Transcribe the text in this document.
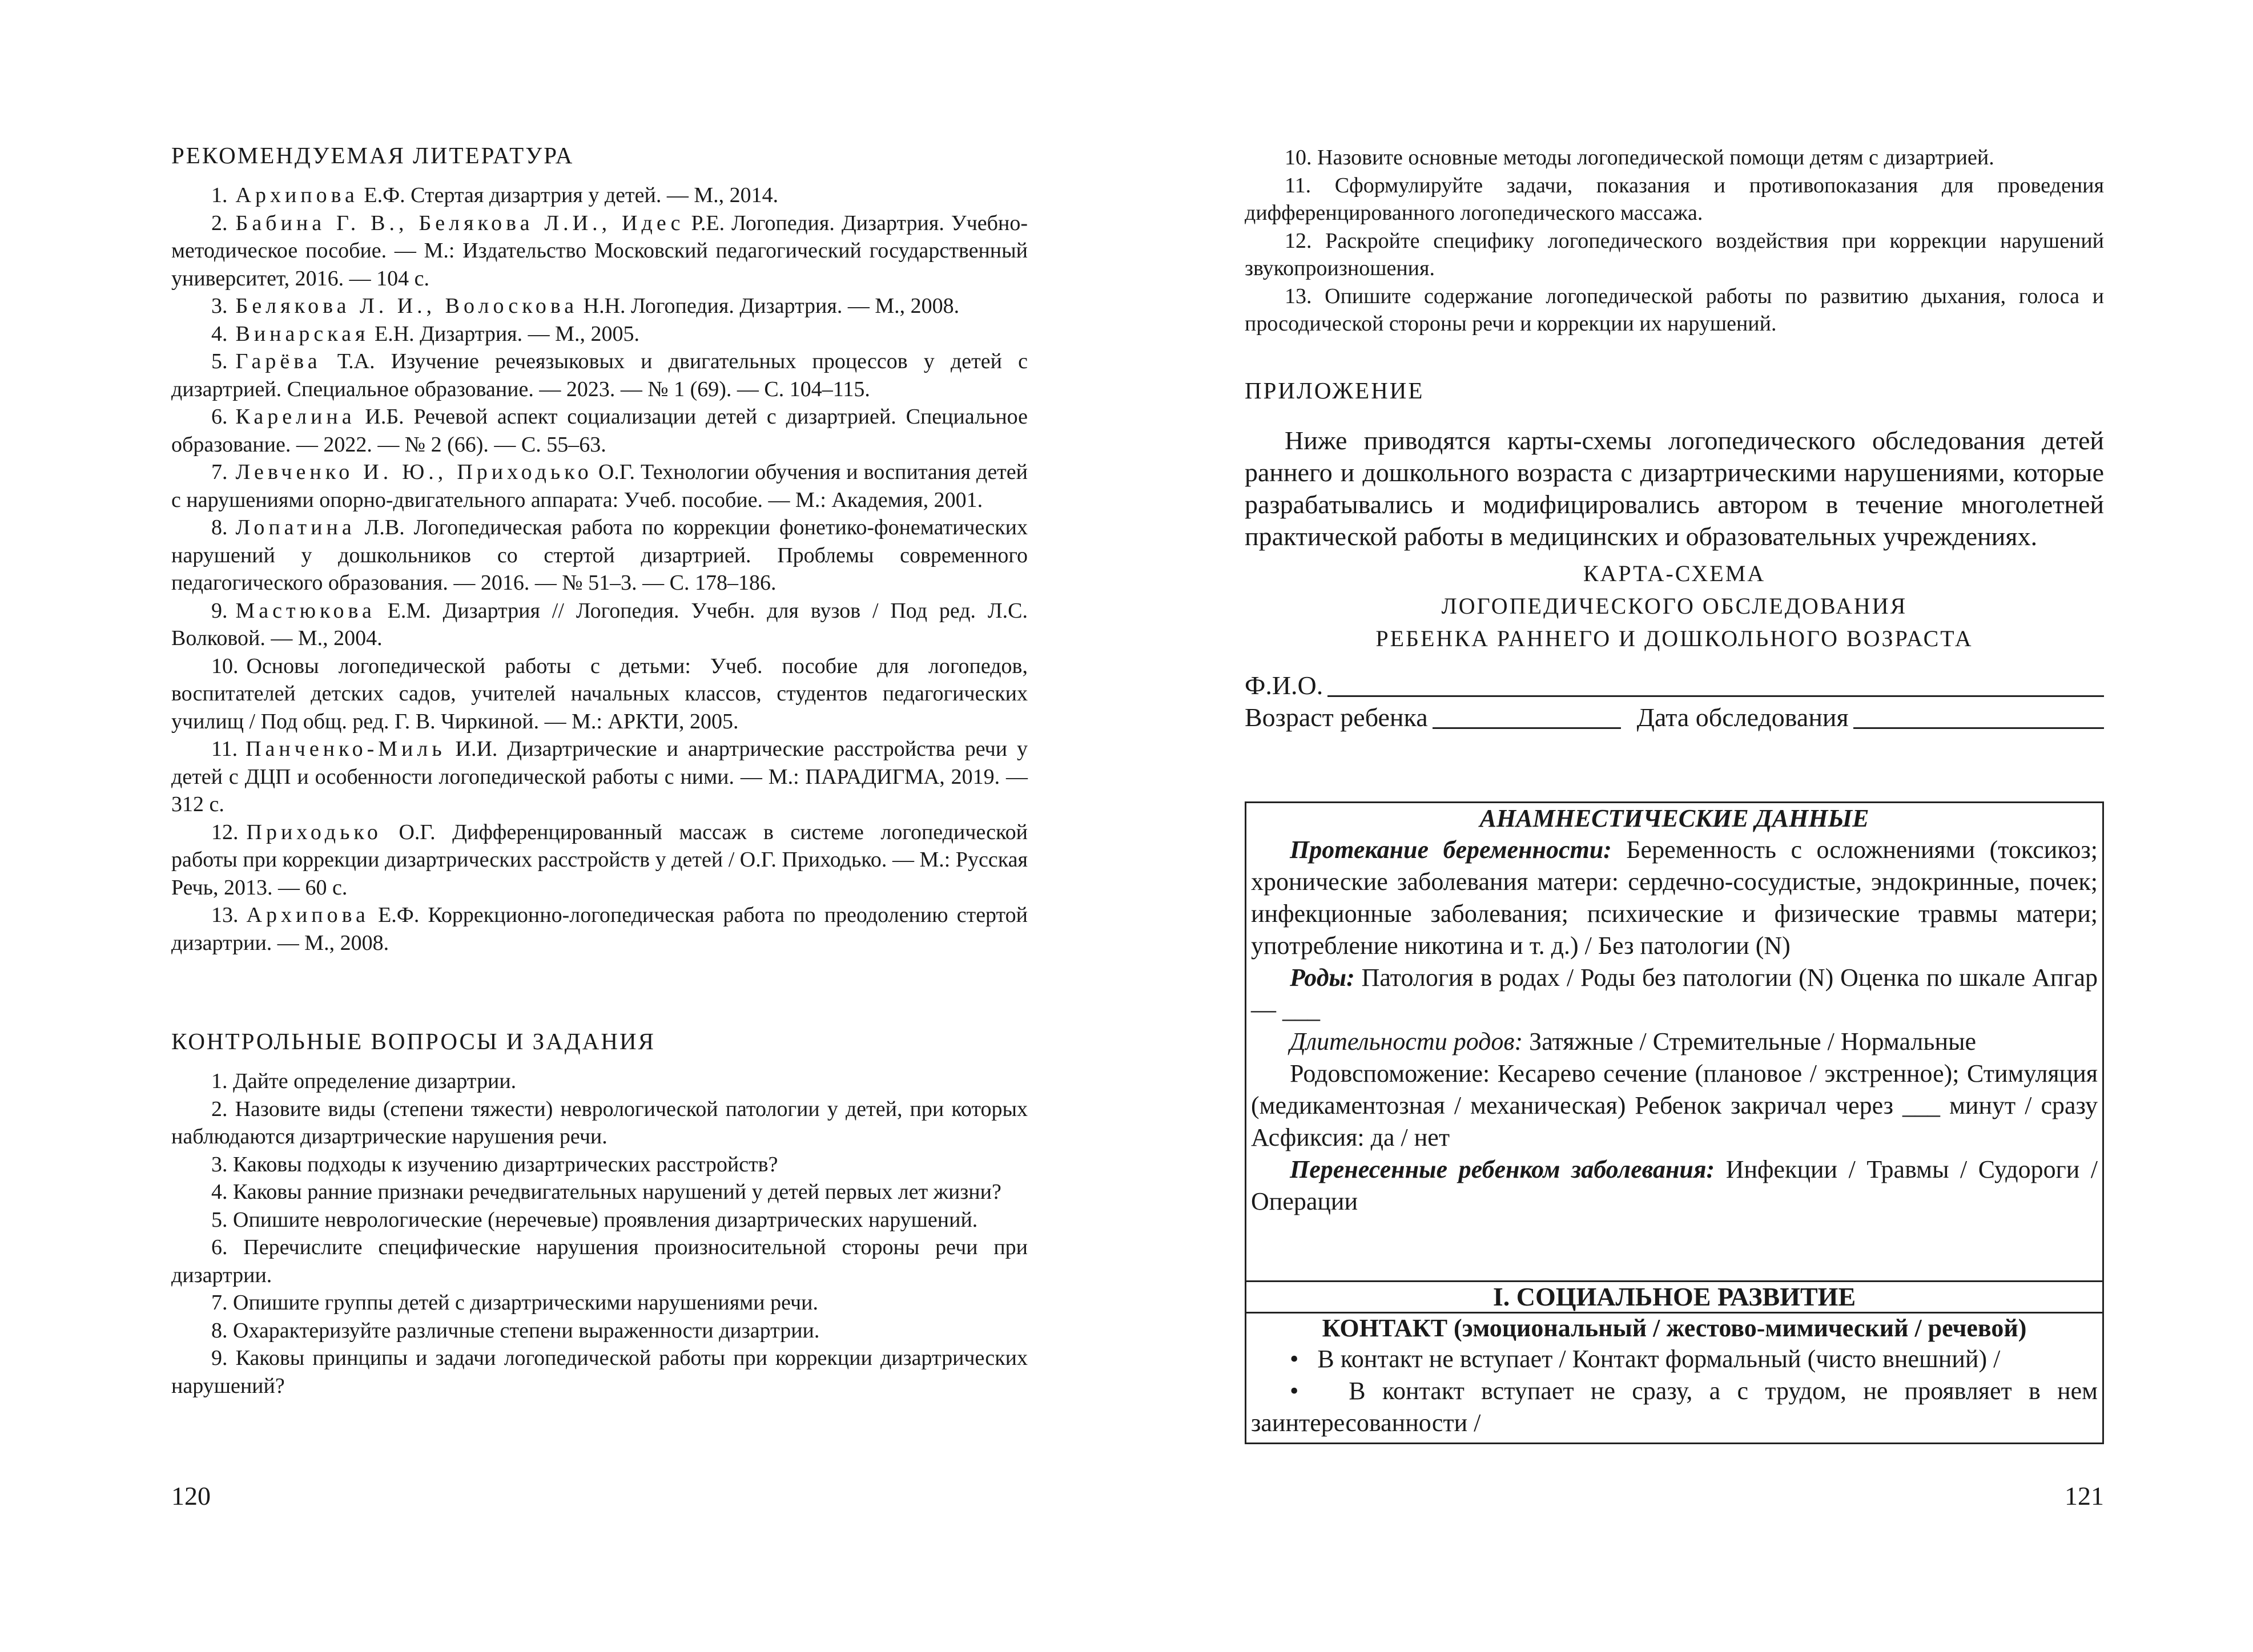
РЕКОМЕНДУЕМАЯ ЛИТЕРАТУРА

1. Архипова Е.Ф. Стертая дизартрия у детей. — М., 2014.

2. Бабина Г. В., Белякова Л.И., Идес Р.Е. Логопедия. Дизартрия. Учебно-методическое пособие. — М.: Издательство Московский педагогический государственный университет, 2016. — 104 с.

3. Белякова Л. И., Волоскова Н.Н. Логопедия. Дизартрия. — М., 2008.

4. Винарская Е.Н. Дизартрия. — М., 2005.

5. Гарёва Т.А. Изучение речеязыковых и двигательных процессов у детей с дизартрией. Специальное образование. — 2023. — № 1 (69). — С. 104–115.

6. Карелина И.Б. Речевой аспект социализации детей с дизартрией. Специальное образование. — 2022. — № 2 (66). — С. 55–63.

7. Левченко И. Ю., Приходько О.Г. Технологии обучения и воспитания детей с нарушениями опорно-двигательного аппарата: Учеб. пособие. — М.: Академия, 2001.

8. Лопатина Л.В. Логопедическая работа по коррекции фонетико-фонематических нарушений у дошкольников со стертой дизартрией. Проблемы современного педагогического образования. — 2016. — № 51–3. — С. 178–186.

9. Мастюкова Е.М. Дизартрия // Логопедия. Учебн. для вузов / Под ред. Л.С. Волковой. — М., 2004.

10. Основы логопедической работы с детьми: Учеб. пособие для логопедов, воспитателей детских садов, учителей начальных классов, студентов педагогических училищ / Под общ. ред. Г. В. Чиркиной. — М.: АРКТИ, 2005.

11. Панченко-Миль И.И. Дизартрические и анартрические расстройства речи у детей с ДЦП и особенности логопедической работы с ними. — М.: ПАРАДИГМА, 2019. — 312 с.

12. Приходько О.Г. Дифференцированный массаж в системе логопедической работы при коррекции дизартрических расстройств у детей / О.Г. Приходько. — М.: Русская Речь, 2013. — 60 с.

13. Архипова Е.Ф. Коррекционно-логопедическая работа по преодолению стертой дизартрии. — М., 2008.

КОНТРОЛЬНЫЕ ВОПРОСЫ И ЗАДАНИЯ

1. Дайте определение дизартрии.

2. Назовите виды (степени тяжести) неврологической патологии у детей, при которых наблюдаются дизартрические нарушения речи.

3. Каковы подходы к изучению дизартрических расстройств?

4. Каковы ранние признаки речедвигательных нарушений у детей первых лет жизни?

5. Опишите неврологические (неречевые) проявления дизартрических нарушений.

6. Перечислите специфические нарушения произносительной стороны речи при дизартрии.

7. Опишите группы детей с дизартрическими нарушениями речи.

8. Охарактеризуйте различные степени выраженности дизартрии.

9. Каковы принципы и задачи логопедической работы при коррекции дизартрических нарушений?

120

10. Назовите основные методы логопедической помощи детям с дизартрией.

11. Сформулируйте задачи, показания и противопоказания для проведения дифференцированного логопедического массажа.

12. Раскройте специфику логопедического воздействия при коррекции нарушений звукопроизношения.

13. Опишите содержание логопедической работы по развитию дыхания, голоса и просодической стороны речи и коррекции их нарушений.

ПРИЛОЖЕНИЕ

Ниже приводятся карты-схемы логопедического обследования детей раннего и дошкольного возраста с дизартрическими нарушениями, которые разрабатывались и модифицировались автором в течение многолетней практической работы в медицинских и образовательных учреждениях.

КАРТА-СХЕМА
ЛОГОПЕДИЧЕСКОГО ОБСЛЕДОВАНИЯ
РЕБЕНКА РАННЕГО И ДОШКОЛЬНОГО ВОЗРАСТА
Ф.И.О.
Возраст ребенка	Дата обследования
АНАМНЕСТИЧЕСКИЕ ДАННЫЕ

Протекание беременности: Беременность с осложнениями (токсикоз; хронические заболевания матери: сердечно-сосудистые, эндокринные, почек; инфекционные заболевания; психические и физические травмы матери; употребление никотина и т. д.) / Без патологии (N)

Роды: Патология в родах / Роды без патологии (N) Оценка по шкале Апгар — ___

Длительности родов: Затяжные / Стремительные / Нормальные

Родовспоможение: Кесарево сечение (плановое / экстренное); Стимуляция (медикаментозная / механическая) Ребенок закричал через ___ минут / сразу Асфиксия: да / нет

Перенесенные ребенком заболевания: Инфекции / Травмы / Судороги / Операции

I. СОЦИАЛЬНОЕ РАЗВИТИЕ
КОНТАКТ (эмоциональный / жестово-мимический / речевой)

•   В контакт не вступает / Контакт формальный (чисто внешний) /

•   В контакт вступает не сразу, а с трудом, не проявляет в нем заинтересованности /

121
